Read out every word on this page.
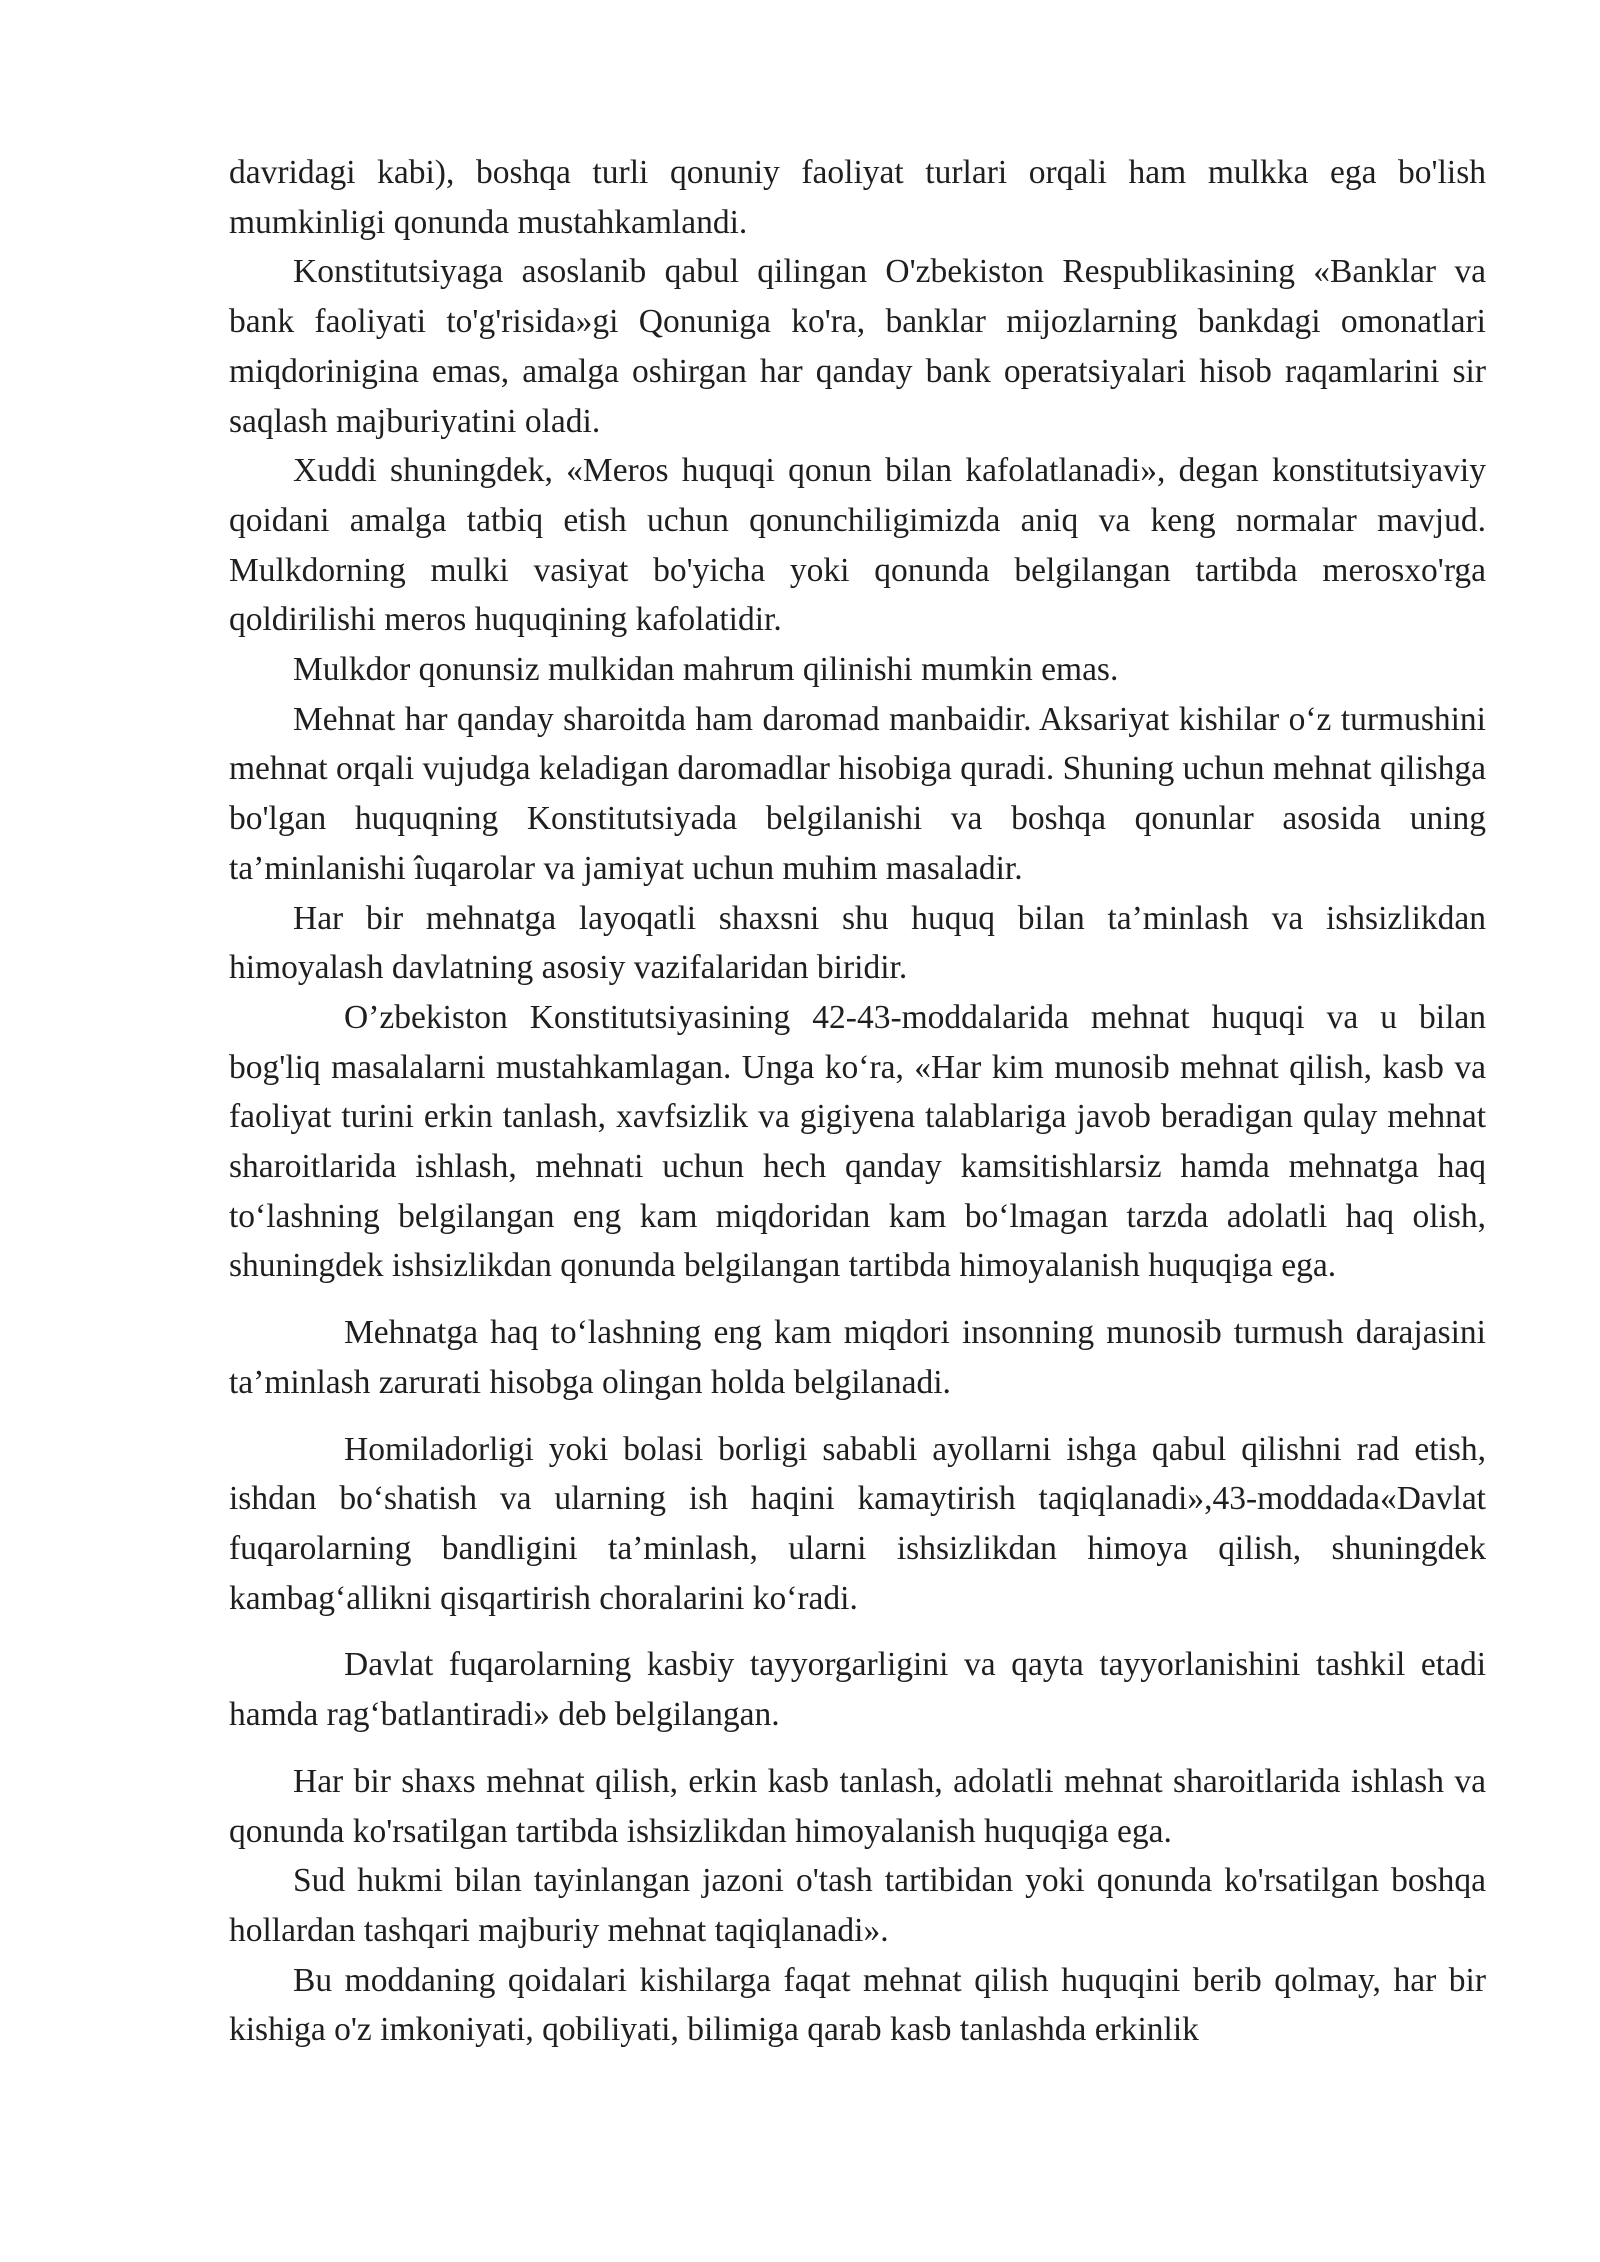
davridagi kabi), boshqa turli qonuniy faoliyat turlari orqali ham mulkka ega bo'lish mumkinligi qonunda mustahkamlandi.

Konstitutsiyaga asoslanib qabul qilingan O'zbekiston Respublikasining «Banklar va bank faoliyati to'g'risida»gi Qonuniga ko'ra, banklar mijozlarning bankdagi omonatlari miqdorinigina emas, amalga oshirgan har qanday bank operatsiyalari hisob raqamlarini sir saqlash majburiyatini oladi.

Xuddi shuningdek, «Meros huquqi qonun bilan kafolatlanadi», degan konstitutsiyaviy qoidani amalga tatbiq etish uchun qonunchiligimizda aniq va keng normalar mavjud. Mulkdorning mulki vasiyat bo'yicha yoki qonunda belgilangan tartibda merosxo'rga qoldirilishi meros huquqining kafolatidir.

Mulkdor qonunsiz mulkidan mahrum qilinishi mumkin emas.

Mehnat har qanday sharoitda ham daromad manbaidir. Aksariyat kishilar o‘z turmushini mehnat orqali vujudga keladigan daromadlar hisobiga quradi. Shuning uchun mehnat qilishga bo'lgan huquqning Konstitutsiyada belgilanishi va boshqa qonunlar asosida uning ta’minlanishi îuqarolar va jamiyat uchun muhim masaladir.

Har bir mehnatga layoqatli shaxsni shu huquq bilan ta’minlash va ishsizlikdan himoyalash davlatning asosiy vazifalaridan biridir.

O’zbekiston Konstitutsiyasining 42-43-moddalarida mehnat huquqi va u bilan bog'liq masalalarni mustahkamlagan. Unga ko‘ra, «Har kim munosib mehnat qilish, kasb va faoliyat turini erkin tanlash, xavfsizlik va gigiyena talablariga javob beradigan qulay mehnat sharoitlarida ishlash, mehnati uchun hech qanday kamsitishlarsiz hamda mehnatga haq to‘lashning belgilangan eng kam miqdoridan kam bo‘lmagan tarzda adolatli haq olish, shuningdek ishsizlikdan qonunda belgilangan tartibda himoyalanish huquqiga ega.

Mehnatga haq to‘lashning eng kam miqdori insonning munosib turmush darajasini ta’minlash zarurati hisobga olingan holda belgilanadi.

Homiladorligi yoki bolasi borligi sababli ayollarni ishga qabul qilishni rad etish, ishdan bo‘shatish va ularning ish haqini kamaytirish taqiqlanadi»,43-moddada«Davlat fuqarolarning bandligini ta’minlash, ularni ishsizlikdan himoya qilish, shuningdek kambag‘allikni qisqartirish choralarini ko‘radi.

Davlat fuqarolarning kasbiy tayyorgarligini va qayta tayyorlanishini tashkil etadi hamda rag‘batlantiradi» deb belgilangan.

Har bir shaxs mehnat qilish, erkin kasb tanlash, adolatli mehnat sharoitlarida ishlash va qonunda ko'rsatilgan tartibda ishsizlikdan himoyalanish huquqiga ega.

Sud hukmi bilan tayinlangan jazoni o'tash tartibidan yoki qonunda ko'rsatilgan boshqa hollardan tashqari majburiy mehnat taqiqlanadi».

Bu moddaning qoidalari kishilarga faqat mehnat qilish huquqini berib qolmay, har bir kishiga o'z imkoniyati, qobiliyati, bilimiga qarab kasb tanlashda erkinlik
